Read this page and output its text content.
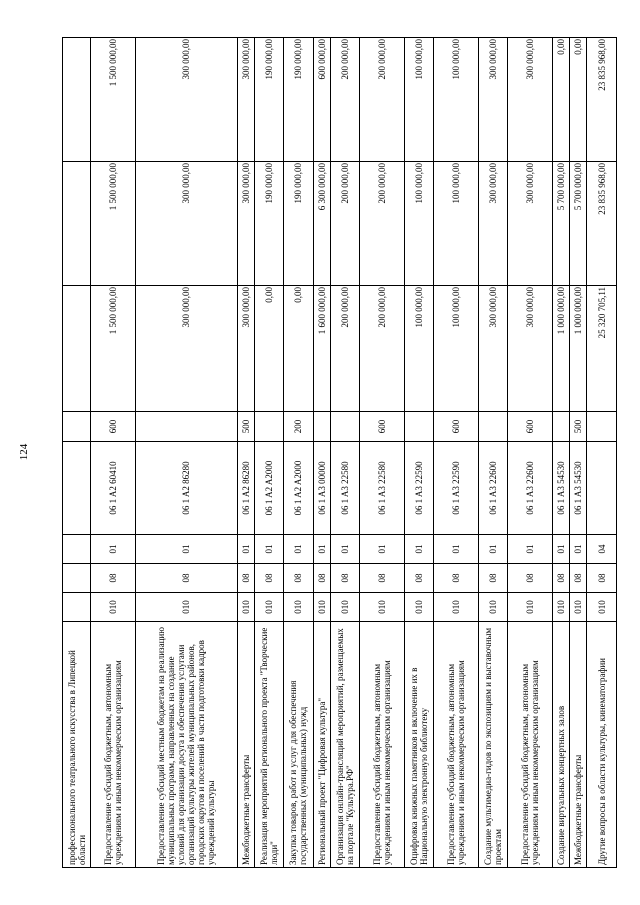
124
профессионального театрального искусства в Липецкой области								
Предоставление субсидий бюджетным, автономным учреждениям и иным некоммерческим организациям	010	08	01	06 1 A2 60410	600	1 500 000,00	1 500 000,00	1 500 000,00
Предоставление субсидий местным бюджетам на реализацию муниципальных программ, направленных на создание условий для организации досуга и обеспечения услугами организаций культуры жителей муниципальных районов, городских округов и поселений в части подготовки кадров учреждений культуры	010	08	01	06 1 A2 86280		300 000,00	300 000,00	300 000,00
Межбюджетные трансферты	010	08	01	06 1 A2 86280	500	300 000,00	300 000,00	300 000,00
Реализация мероприятий регионального проекта "Творческие люди"	010	08	01	06 1 A2 A2000		0,00	190 000,00	190 000,00
Закупка товаров, работ и услуг для обеспечения государственных (муниципальных) нужд	010	08	01	06 1 A2 A2000	200	0,00	190 000,00	190 000,00
Региональный проект "Цифровая культура"	010	08	01	06 1 A3 00000		1 600 000,00	6 300 000,00	600 000,00
Организация онлайн-трансляций мероприятий, размещаемых на портале "Культура.РФ"	010	08	01	06 1 A3 22580		200 000,00	200 000,00	200 000,00
Предоставление субсидий бюджетным, автономным учреждениям и иным некоммерческим организациям	010	08	01	06 1 A3 22580	600	200 000,00	200 000,00	200 000,00
Оцифровка книжных памятников и включение их в Национальную электронную библиотеку	010	08	01	06 1 A3 22590		100 000,00	100 000,00	100 000,00
Предоставление субсидий бюджетным, автономным учреждениям и иным некоммерческим организациям	010	08	01	06 1 A3 22590	600	100 000,00	100 000,00	100 000,00
Создание мультимедиа-гидов по экспозициям и выставочным проектам	010	08	01	06 1 A3 22600		300 000,00	300 000,00	300 000,00
Предоставление субсидий бюджетным, автономным учреждениям и иным некоммерческим организациям	010	08	01	06 1 A3 22600	600	300 000,00	300 000,00	300 000,00
Создание виртуальных концертных залов	010	08	01	06 1 A3 54530		1 000 000,00	5 700 000,00	0,00
Межбюджетные трансферты	010	08	01	06 1 A3 54530	500	1 000 000,00	5 700 000,00	0,00
Другие вопросы в области культуры, кинематографии	010	08	04			25 320 705,11	23 835 968,00	23 835 968,00
